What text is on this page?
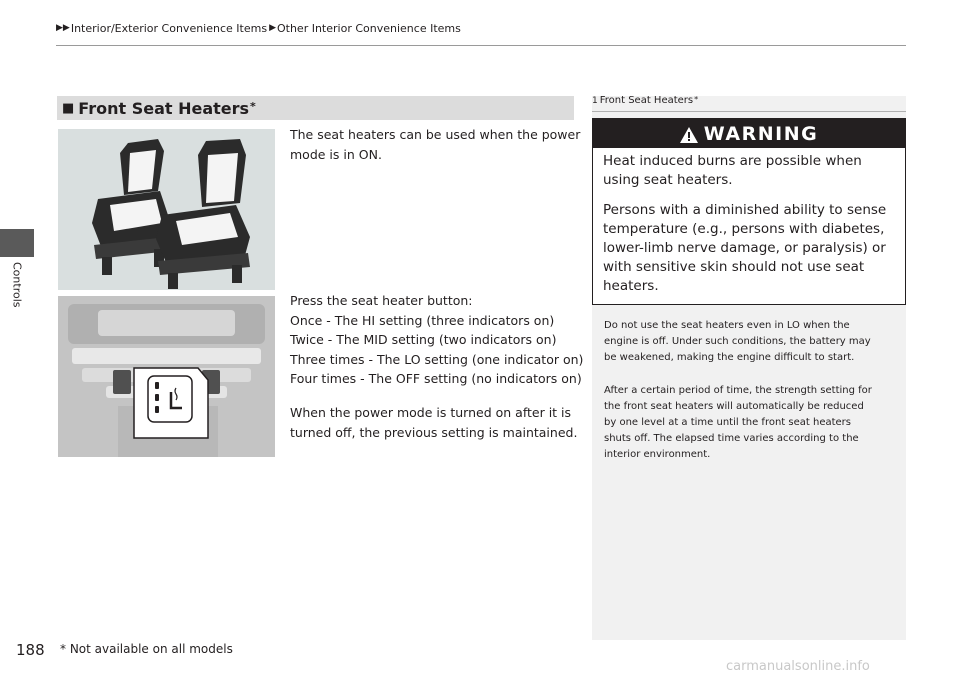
Controls
▶▶ Interior/Exterior Convenience Items ▶ Other Interior Convenience Items
■ Front Seat Heaters*
The seat heaters can be used when the power
mode is in ON.
Press the seat heater button:
Once - The HI setting (three indicators on)
Twice - The MID setting (two indicators on)
Three times - The LO setting (one indicator on)
Four times - The OFF setting (no indicators on)
When the power mode is turned on after it is
turned off, the previous setting is maintained.
1 Front Seat Heaters*
WARNING
Heat induced burns are possible when
using seat heaters.
Persons with a diminished ability to sense
temperature (e.g., persons with diabetes,
lower-limb nerve damage, or paralysis) or
with sensitive skin should not use seat
heaters.
Do not use the seat heaters even in LO when the
engine is off. Under such conditions, the battery may
be weakened, making the engine difficult to start.
After a certain period of time, the strength setting for
the front seat heaters will automatically be reduced
by one level at a time until the front seat heaters
shuts off. The elapsed time varies according to the
interior environment.
188 * Not available on all models
carmanualsonline.info
